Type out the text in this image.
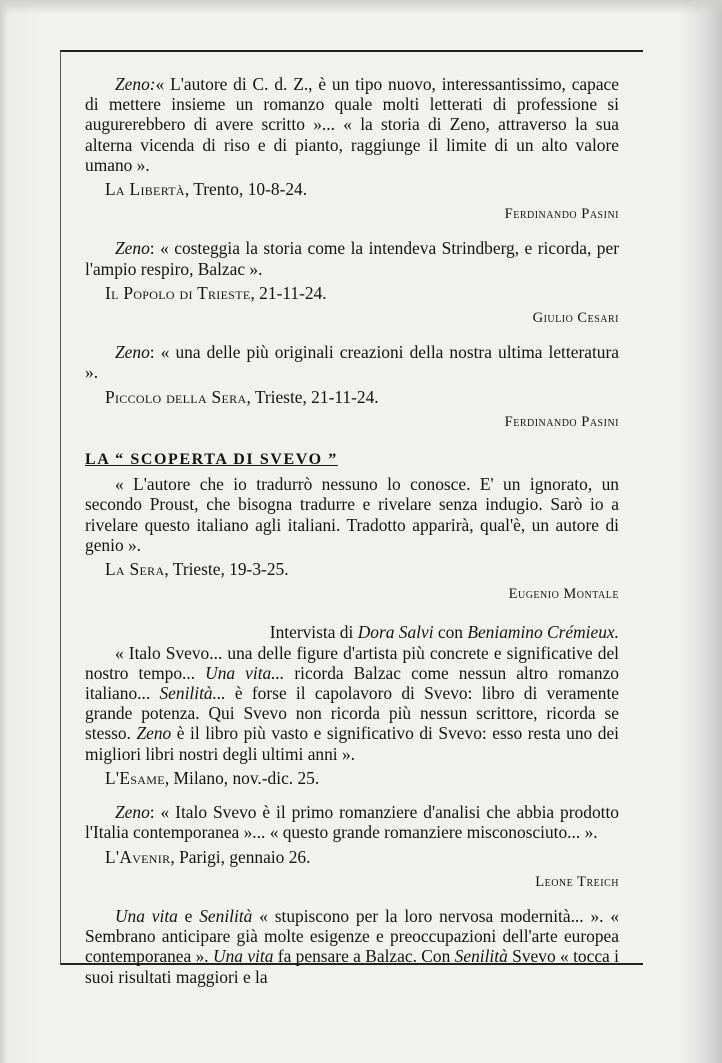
Zeno:« L'autore di C. d. Z., è un tipo nuovo, interessantissimo, capace di mettere insieme un romanzo quale molti letterati di professione si augurerebbero di avere scritto »... « la storia di Zeno, attraverso la sua alterna vicenda di riso e di pianto, raggiunge il limite di un alto valore umano ».

La Libertà, Trento, 10-8-24.

Ferdinando Pasini

Zeno: « costeggia la storia come la intendeva Strindberg, e ricorda, per l'ampio respiro, Balzac ».

Il Popolo di Trieste, 21-11-24.

Giulio Cesari

Zeno: « una delle più originali creazioni della nostra ultima letteratura ».

Piccolo della Sera, Trieste, 21-11-24.

Ferdinando Pasini

LA “ SCOPERTA DI SVEVO ”

« L'autore che io tradurrò nessuno lo conosce. E' un ignorato, un secondo Proust, che bisogna tradurre e rivelare senza indugio. Sarò io a rivelare questo italiano agli italiani. Tradotto apparirà, qual'è, un autore di genio ».

La Sera, Trieste, 19-3-25.

Eugenio Montale

Intervista di Dora Salvi con Beniamino Crémieux.

« Italo Svevo... una delle figure d'artista più concrete e significative del nostro tempo... Una vita... ricorda Balzac come nessun altro romanzo italiano... Senilità... è forse il capolavoro di Svevo: libro di veramente grande potenza. Qui Svevo non ricorda più nessun scrittore, ricorda se stesso. Zeno è il libro più vasto e significativo di Svevo: esso resta uno dei migliori libri nostri degli ultimi anni ».

L'Esame, Milano, nov.-dic. 25.

Zeno: « Italo Svevo è il primo romanziere d'analisi che abbia prodotto l'Italia contemporanea »... « questo grande romanziere misconosciuto... ».

L'Avenir, Parigi, gennaio 26.

Leone Treich

Una vita e Senilità « stupiscono per la loro nervosa modernità... ». « Sembrano anticipare già molte esigenze e preoccupazioni dell'arte europea contemporanea ». Una vita fa pensare a Balzac. Con Senilità Svevo « tocca i suoi risultati maggiori e la
